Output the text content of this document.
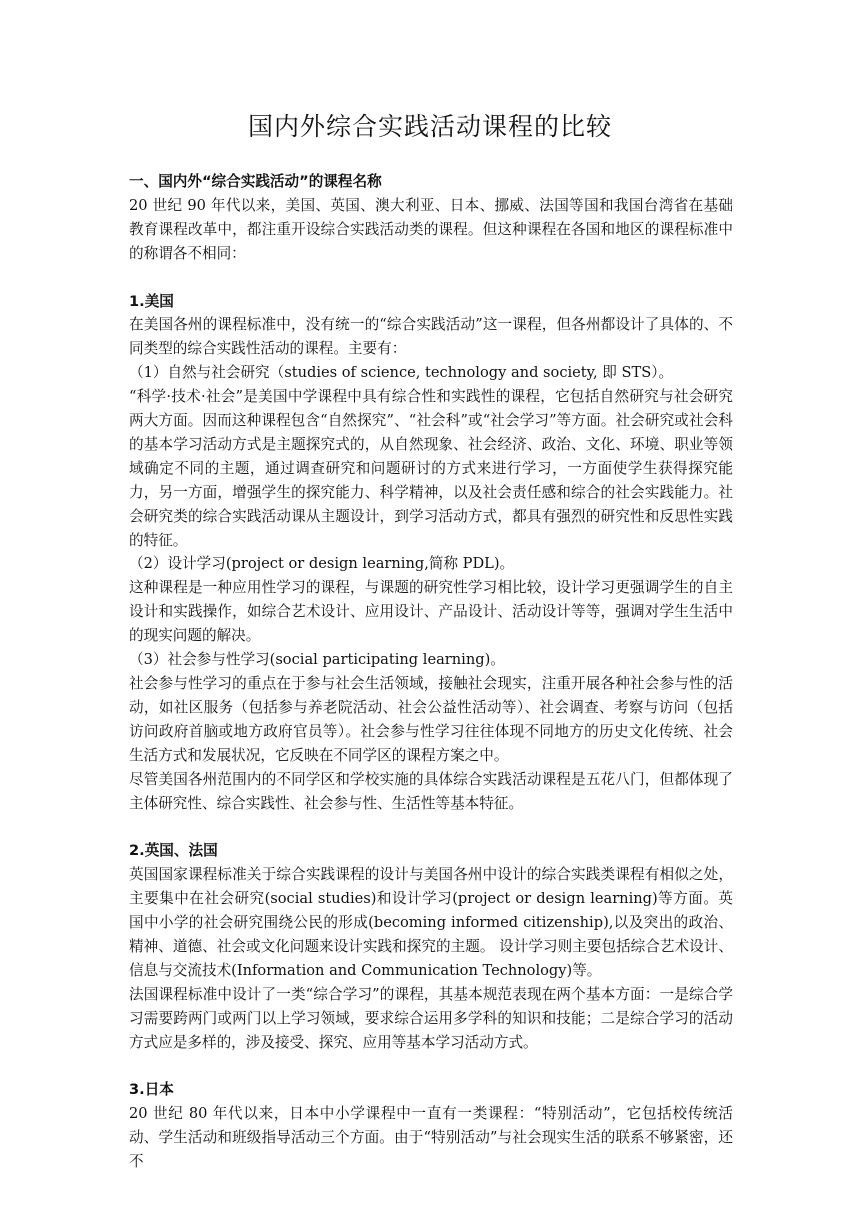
国内外综合实践活动课程的比较

一、国内外“综合实践活动”的课程名称

20 世纪 90 年代以来，美国、英国、澳大利亚、日本、挪威、法国等国和我国台湾省在基础教育课程改革中，都注重开设综合实践活动类的课程。但这种课程在各国和地区的课程标准中的称谓各不相同：

1.美国

在美国各州的课程标准中，没有统一的“综合实践活动”这一课程，但各州都设计了具体的、不同类型的综合实践性活动的课程。主要有：

（1）自然与社会研究（studies of science, technology and society, 即 STS）。

“科学·技术·社会”是美国中学课程中具有综合性和实践性的课程，它包括自然研究与社会研究两大方面。因而这种课程包含“自然探究”、“社会科”或“社会学习”等方面。社会研究或社会科的基本学习活动方式是主题探究式的，从自然现象、社会经济、政治、文化、环境、职业等领域确定不同的主题，通过调查研究和问题研讨的方式来进行学习，一方面使学生获得探究能力，另一方面，增强学生的探究能力、科学精神，以及社会责任感和综合的社会实践能力。社会研究类的综合实践活动课从主题设计，到学习活动方式，都具有强烈的研究性和反思性实践的特征。

（2）设计学习(project or design learning,简称 PDL)。

这种课程是一种应用性学习的课程，与课题的研究性学习相比较，设计学习更强调学生的自主设计和实践操作，如综合艺术设计、应用设计、产品设计、活动设计等等，强调对学生生活中的现实问题的解决。

（3）社会参与性学习(social participating learning)。

社会参与性学习的重点在于参与社会生活领域，接触社会现实，注重开展各种社会参与性的活动，如社区服务（包括参与养老院活动、社会公益性活动等）、社会调查、考察与访问（包括访问政府首脑或地方政府官员等）。社会参与性学习往往体现不同地方的历史文化传统、社会生活方式和发展状况，它反映在不同学区的课程方案之中。

尽管美国各州范围内的不同学区和学校实施的具体综合实践活动课程是五花八门，但都体现了主体研究性、综合实践性、社会参与性、生活性等基本特征。

2.英国、法国

英国国家课程标准关于综合实践课程的设计与美国各州中设计的综合实践类课程有相似之处，主要集中在社会研究(social studies)和设计学习(project or design learning)等方面。英国中小学的社会研究围绕公民的形成(becoming informed citizenship),以及突出的政治、精神、道德、社会或文化问题来设计实践和探究的主题。 设计学习则主要包括综合艺术设计、信息与交流技术(Information and Communication Technology)等。

法国课程标准中设计了一类“综合学习”的课程，其基本规范表现在两个基本方面：一是综合学习需要跨两门或两门以上学习领域，要求综合运用多学科的知识和技能；二是综合学习的活动方式应是多样的，涉及接受、探究、应用等基本学习活动方式。

3.日本

20 世纪 80 年代以来，日本中小学课程中一直有一类课程：“特别活动”，它包括校传统活动、学生活动和班级指导活动三个方面。由于“特别活动”与社会现实生活的联系不够紧密，还不
